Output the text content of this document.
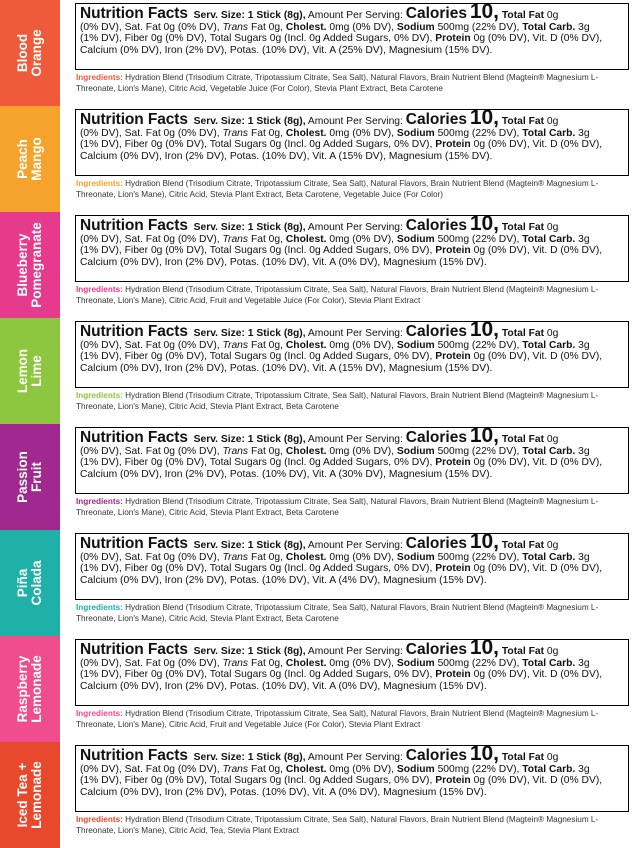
Blood
Orange
Nutrition Facts Serv. Size: 1 Stick (8g), Amount Per Serving: Calories 10, Total Fat 0g
(0% DV), Sat. Fat 0g (0% DV), Trans Fat 0g, Cholest. 0mg (0% DV), Sodium 500mg (22% DV), Total Carb. 3g
(1% DV), Fiber 0g (0% DV), Total Sugars 0g (Incl. 0g Added Sugars, 0% DV), Protein 0g (0% DV), Vit. D (0% DV),
Calcium (0% DV), Iron (2% DV), Potas. (10% DV), Vit. A (25% DV), Magnesium (15% DV).
Ingredients: Hydration Blend (Trisodium Citrate, Tripotassium Citrate, Sea Salt), Natural Flavors, Brain Nutrient Blend (Magtein® Magnesium L-Threonate, Lion's Mane), Citric Acid, Vegetable Juice (For Color), Stevia Plant Extract, Beta Carotene
Peach
Mango
Nutrition Facts Serv. Size: 1 Stick (8g), Amount Per Serving: Calories 10, Total Fat 0g
(0% DV), Sat. Fat 0g (0% DV), Trans Fat 0g, Cholest. 0mg (0% DV), Sodium 500mg (22% DV), Total Carb. 3g
(1% DV), Fiber 0g (0% DV), Total Sugars 0g (Incl. 0g Added Sugars, 0% DV), Protein 0g (0% DV), Vit. D (0% DV),
Calcium (0% DV), Iron (2% DV), Potas. (10% DV), Vit. A (15% DV), Magnesium (15% DV).
Ingredients: Hydration Blend (Trisodium Citrate, Tripotassium Citrate, Sea Salt), Natural Flavors, Brain Nutrient Blend (Magtein® Magnesium L-Threonate, Lion's Mane), Citric Acid, Stevia Plant Extract, Beta Carotene, Vegetable Juice (For Color)
Blueberry
Pomegranate	Nutrition Facts Serv. Size: 1 Stick (8g), Amount Per Serving: Calories 10, Total Fat 0g
(0% DV), Sat. Fat 0g (0% DV), Trans Fat 0g, Cholest. 0mg (0% DV), Sodium 500mg (22% DV), Total Carb. 3g
(1% DV), Fiber 0g (0% DV), Total Sugars 0g (Incl. 0g Added Sugars, 0% DV), Protein 0g (0% DV), Vit. D (0% DV),
Calcium (0% DV), Iron (2% DV), Potas. (10% DV), Vit. A (0% DV), Magnesium (15% DV).
Ingredients: Hydration Blend (Trisodium Citrate, Tripotassium Citrate, Sea Salt), Natural Flavors, Brain Nutrient Blend (Magtein® Magnesium L-Threonate, Lion's Mane), Citric Acid, Fruit and Vegetable Juice (For Color), Stevia Plant Extract
Lemon
Lime
Nutrition Facts Serv. Size: 1 Stick (8g), Amount Per Serving: Calories 10, Total Fat 0g
(0% DV), Sat. Fat 0g (0% DV), Trans Fat 0g, Cholest. 0mg (0% DV), Sodium 500mg (22% DV), Total Carb. 3g
(1% DV), Fiber 0g (0% DV), Total Sugars 0g (Incl. 0g Added Sugars, 0% DV), Protein 0g (0% DV), Vit. D (0% DV),
Calcium (0% DV), Iron (2% DV), Potas. (10% DV), Vit. A (15% DV), Magnesium (15% DV).
Ingredients: Hydration Blend (Trisodium Citrate, Tripotassium Citrate, Sea Salt), Natural Flavors, Brain Nutrient Blend (Magtein® Magnesium L-Threonate, Lion's Mane), Citric Acid, Stevia Plant Extract, Beta Carotene
Passion
Fruit
Nutrition Facts Serv. Size: 1 Stick (8g), Amount Per Serving: Calories 10, Total Fat 0g
(0% DV), Sat. Fat 0g (0% DV), Trans Fat 0g, Cholest. 0mg (0% DV), Sodium 500mg (22% DV), Total Carb. 3g
(1% DV), Fiber 0g (0% DV), Total Sugars 0g (Incl. 0g Added Sugars, 0% DV), Protein 0g (0% DV), Vit. D (0% DV),
Calcium (0% DV), Iron (2% DV), Potas. (10% DV), Vit. A (30% DV), Magnesium (15% DV).
Ingredients: Hydration Blend (Trisodium Citrate, Tripotassium Citrate, Sea Salt), Natural Flavors, Brain Nutrient Blend (Magtein® Magnesium L-Threonate, Lion's Mane), Citric Acid, Stevia Plant Extract, Beta Carotene
Piña
Colada
Nutrition Facts Serv. Size: 1 Stick (8g), Amount Per Serving: Calories 10, Total Fat 0g
(0% DV), Sat. Fat 0g (0% DV), Trans Fat 0g, Cholest. 0mg (0% DV), Sodium 500mg (22% DV), Total Carb. 3g
(1% DV), Fiber 0g (0% DV), Total Sugars 0g (Incl. 0g Added Sugars, 0% DV), Protein 0g (0% DV), Vit. D (0% DV),
Calcium (0% DV), Iron (2% DV), Potas. (10% DV), Vit. A (4% DV), Magnesium (15% DV).
Ingredients: Hydration Blend (Trisodium Citrate, Tripotassium Citrate, Sea Salt), Natural Flavors, Brain Nutrient Blend (Magtein® Magnesium L-Threonate, Lion's Mane), Citric Acid, Stevia Plant Extract, Beta Carotene
Raspberry
Lemonade
Nutrition Facts Serv. Size: 1 Stick (8g), Amount Per Serving: Calories 10, Total Fat 0g
(0% DV), Sat. Fat 0g (0% DV), Trans Fat 0g, Cholest. 0mg (0% DV), Sodium 500mg (22% DV), Total Carb. 3g
(1% DV), Fiber 0g (0% DV), Total Sugars 0g (Incl. 0g Added Sugars, 0% DV), Protein 0g (0% DV), Vit. D (0% DV),
Calcium (0% DV), Iron (2% DV), Potas. (10% DV), Vit. A (0% DV), Magnesium (15% DV).
Ingredients: Hydration Blend (Trisodium Citrate, Tripotassium Citrate, Sea Salt), Natural Flavors, Brain Nutrient Blend (Magtein® Magnesium L-Threonate, Lion's Mane), Citric Acid, Fruit and Vegetable Juice (For Color), Stevia Plant Extract
Iced Tea +
Lemonade
Nutrition Facts Serv. Size: 1 Stick (8g), Amount Per Serving: Calories 10, Total Fat 0g
(0% DV), Sat. Fat 0g (0% DV), Trans Fat 0g, Cholest. 0mg (0% DV), Sodium 500mg (22% DV), Total Carb. 3g
(1% DV), Fiber 0g (0% DV), Total Sugars 0g (Incl. 0g Added Sugars, 0% DV), Protein 0g (0% DV), Vit. D (0% DV),
Calcium (0% DV), Iron (2% DV), Potas. (10% DV), Vit. A (0% DV), Magnesium (15% DV).
Ingredients: Hydration Blend (Trisodium Citrate, Tripotassium Citrate, Sea Salt), Natural Flavors, Brain Nutrient Blend (Magtein® Magnesium L-Threonate, Lion's Mane), Citric Acid, Tea, Stevia Plant Extract
